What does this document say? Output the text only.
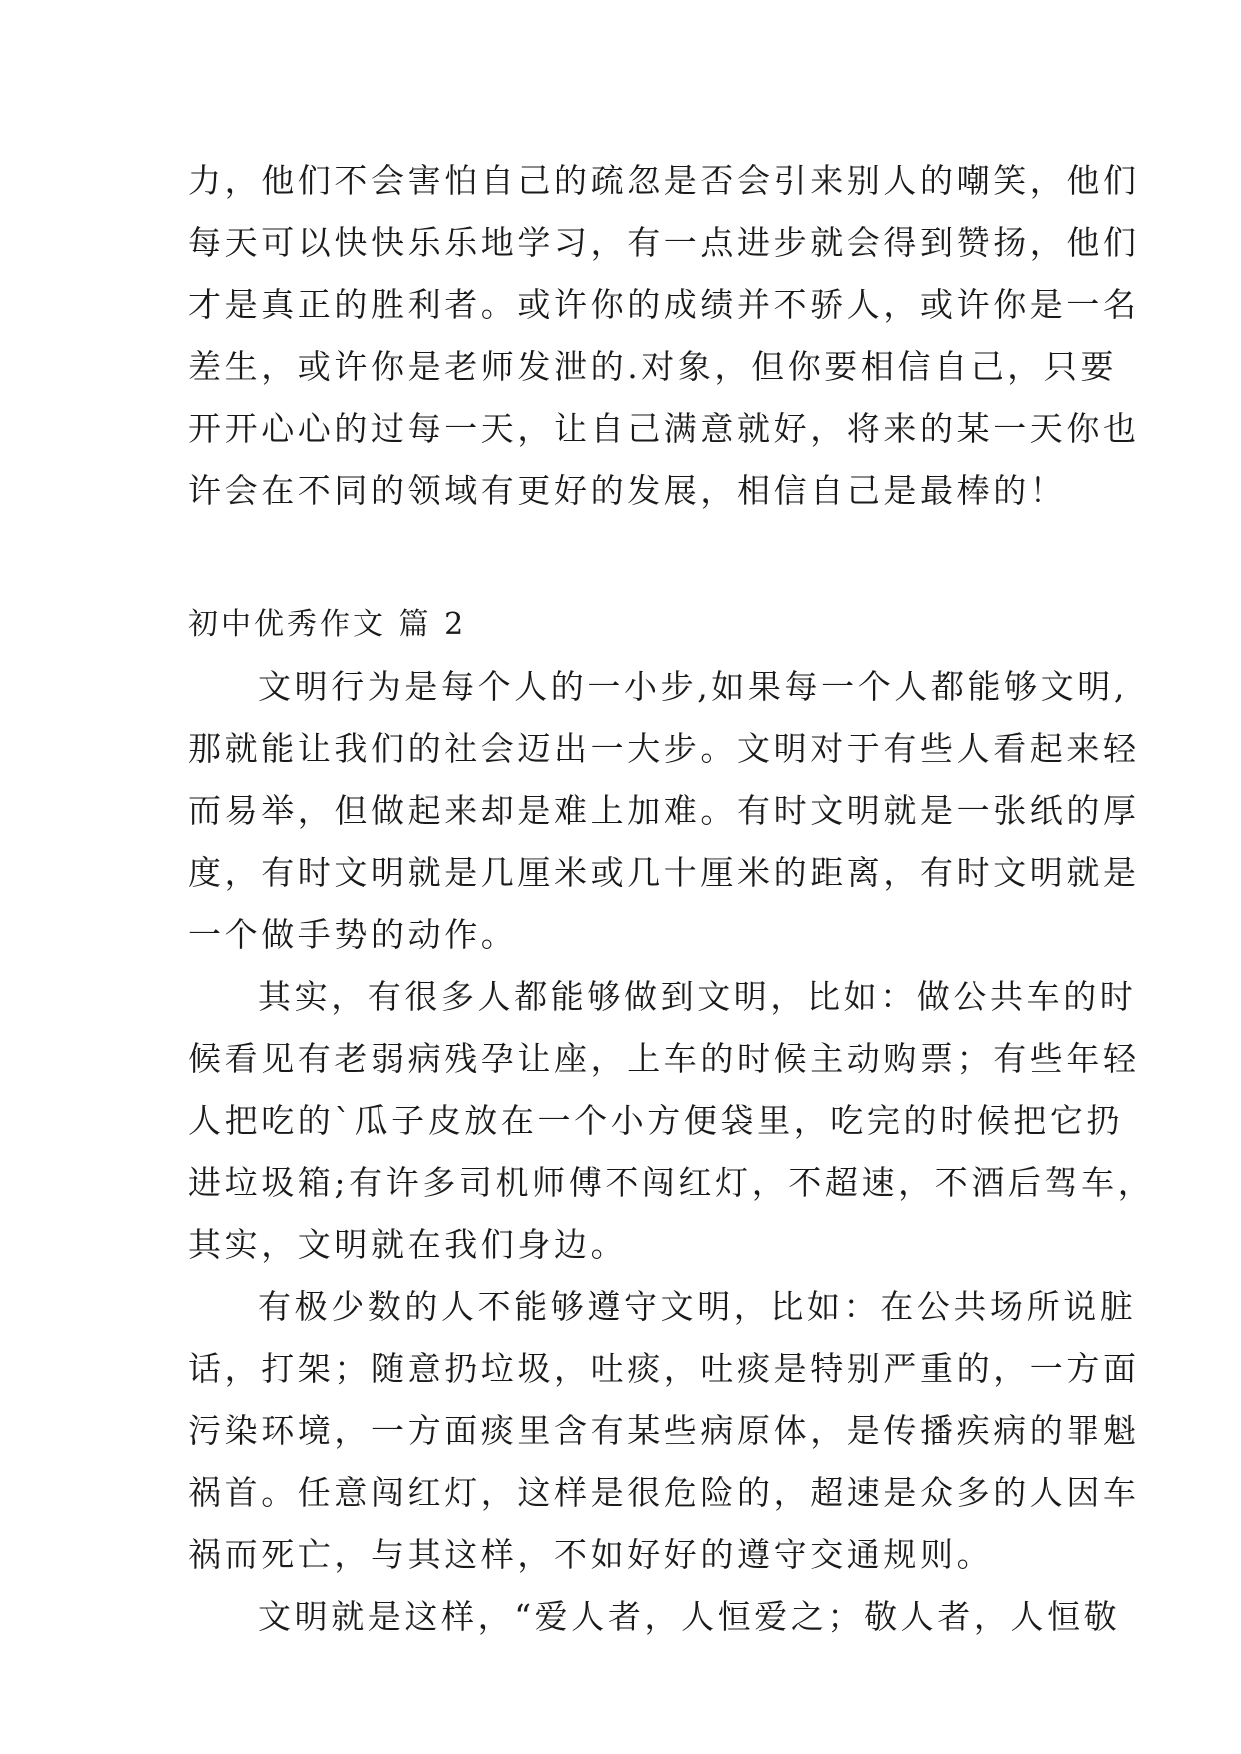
力，他们不会害怕自己的疏忽是否会引来别人的嘲笑，他们
每天可以快快乐乐地学习，有一点进步就会得到赞扬，他们
才是真正的胜利者。或许你的成绩并不骄人，或许你是一名
差生，或许你是老师发泄的.对象，但你要相信自己，只要
开开心心的过每一天，让自己满意就好，将来的某一天你也
许会在不同的领域有更好的发展，相信自己是最棒的！
初中优秀作文 篇 2
文明行为是每个人的一小步,如果每一个人都能够文明,
那就能让我们的社会迈出一大步。文明对于有些人看起来轻
而易举，但做起来却是难上加难。有时文明就是一张纸的厚
度，有时文明就是几厘米或几十厘米的距离，有时文明就是
一个做手势的动作。
其实，有很多人都能够做到文明，比如：做公共车的时
候看见有老弱病残孕让座，上车的时候主动购票；有些年轻
人把吃的`瓜子皮放在一个小方便袋里，吃完的时候把它扔
进垃圾箱;有许多司机师傅不闯红灯，不超速，不酒后驾车，
其实，文明就在我们身边。
有极少数的人不能够遵守文明，比如：在公共场所说脏
话，打架；随意扔垃圾，吐痰，吐痰是特别严重的，一方面
污染环境，一方面痰里含有某些病原体，是传播疾病的罪魁
祸首。任意闯红灯，这样是很危险的，超速是众多的人因车
祸而死亡，与其这样，不如好好的遵守交通规则。
文明就是这样，“爱人者，人恒爱之；敬人者，人恒敬
